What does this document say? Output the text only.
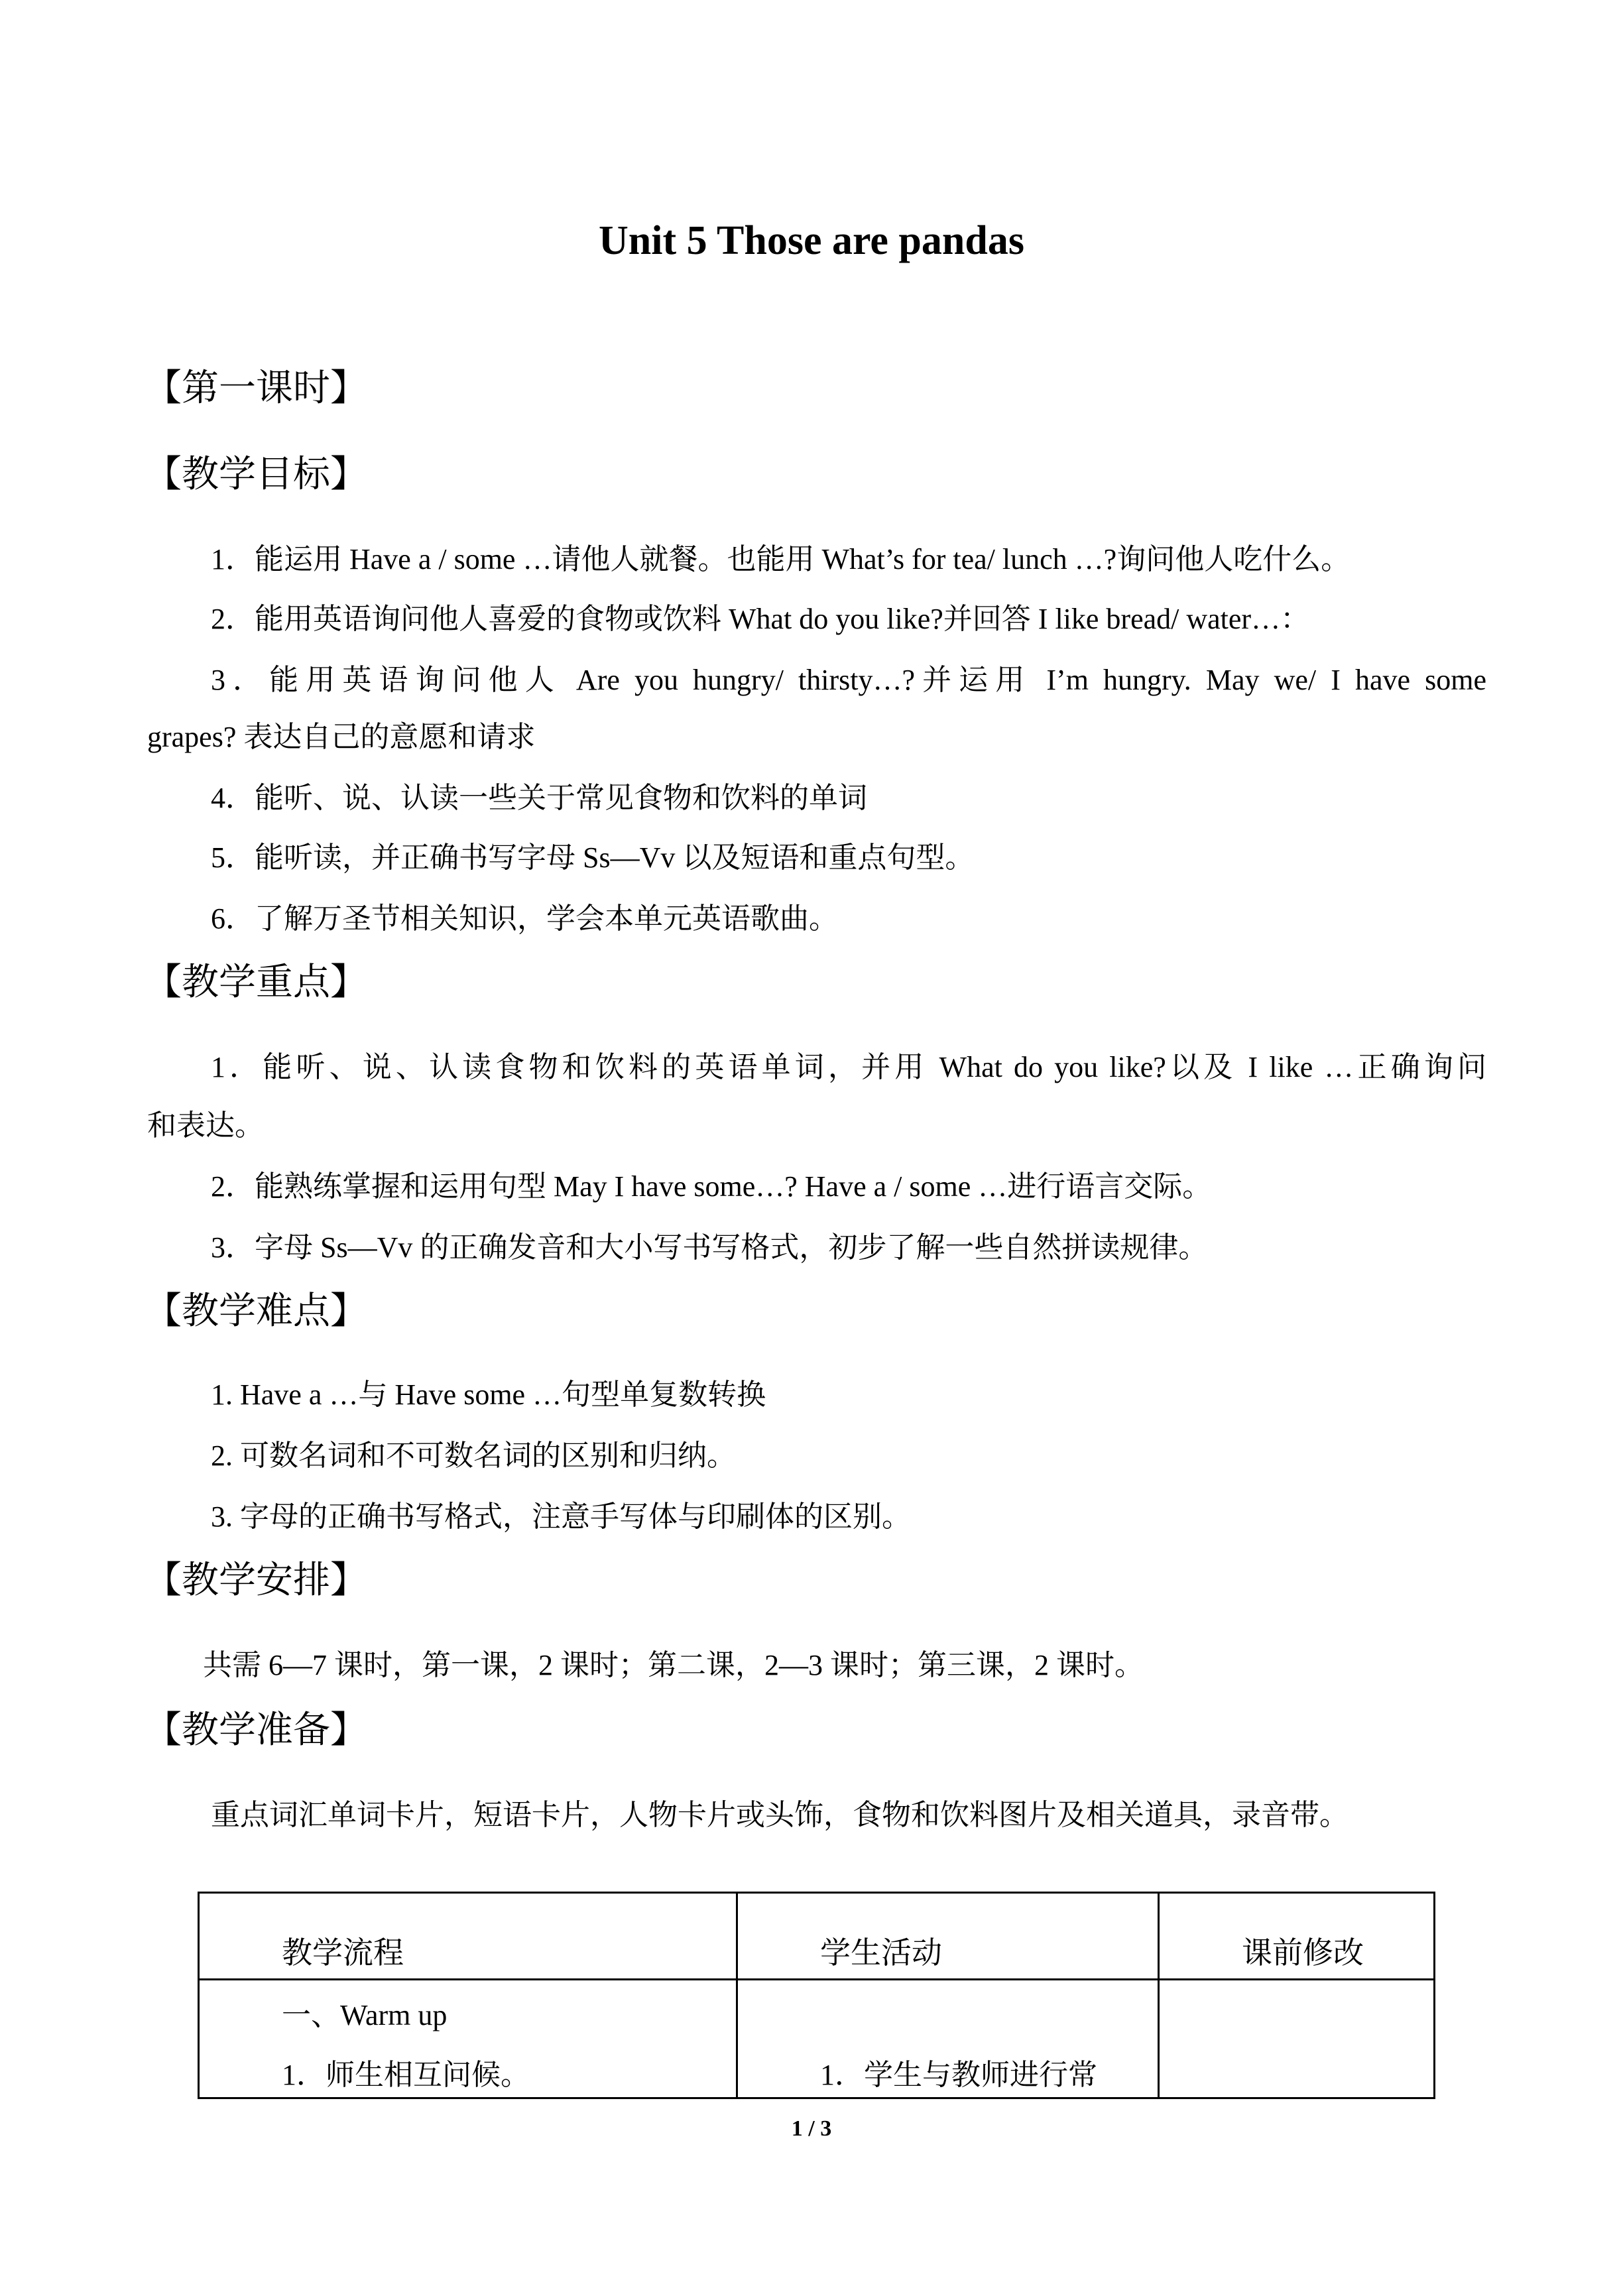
Unit 5 Those are pandas
【第一课时】
【教学目标】
1．能运用 Have a / some …请他人就餐。也能用 What’s for tea/ lunch …?询问他人吃什么。
2．能用英语询问他人喜爱的食物或饮料 What do you like?并回答 I like bread/ water…：
3．能用英语询问他人 Are you hungry/ thirsty…?并运用 I’m hungry. May we/ I have some
grapes? 表达自己的意愿和请求
4．能听、说、认读一些关于常见食物和饮料的单词
5．能听读，并正确书写字母 Ss—Vv 以及短语和重点句型。
6．了解万圣节相关知识，学会本单元英语歌曲。
【教学重点】
1．能听、说、认读食物和饮料的英语单词，并用 What do you like?以及 I like …正确询问
和表达。
2．能熟练掌握和运用句型 May I have some…? Have a / some …进行语言交际。
3．字母 Ss—Vv 的正确发音和大小写书写格式，初步了解一些自然拼读规律。
【教学难点】
1. Have a …与 Have some …句型单复数转换
2. 可数名词和不可数名词的区别和归纳。
3. 字母的正确书写格式，注意手写体与印刷体的区别。
【教学安排】
共需 6—7 课时，第一课，2 课时；第二课，2—3 课时；第三课，2 课时。
【教学准备】
重点词汇单词卡片，短语卡片，人物卡片或头饰，食物和饮料图片及相关道具，录音带。
教学流程	学生活动	课前修改

一、Warm up
1．师生相互问候。	1．学生与教师进行常	

1 / 3
